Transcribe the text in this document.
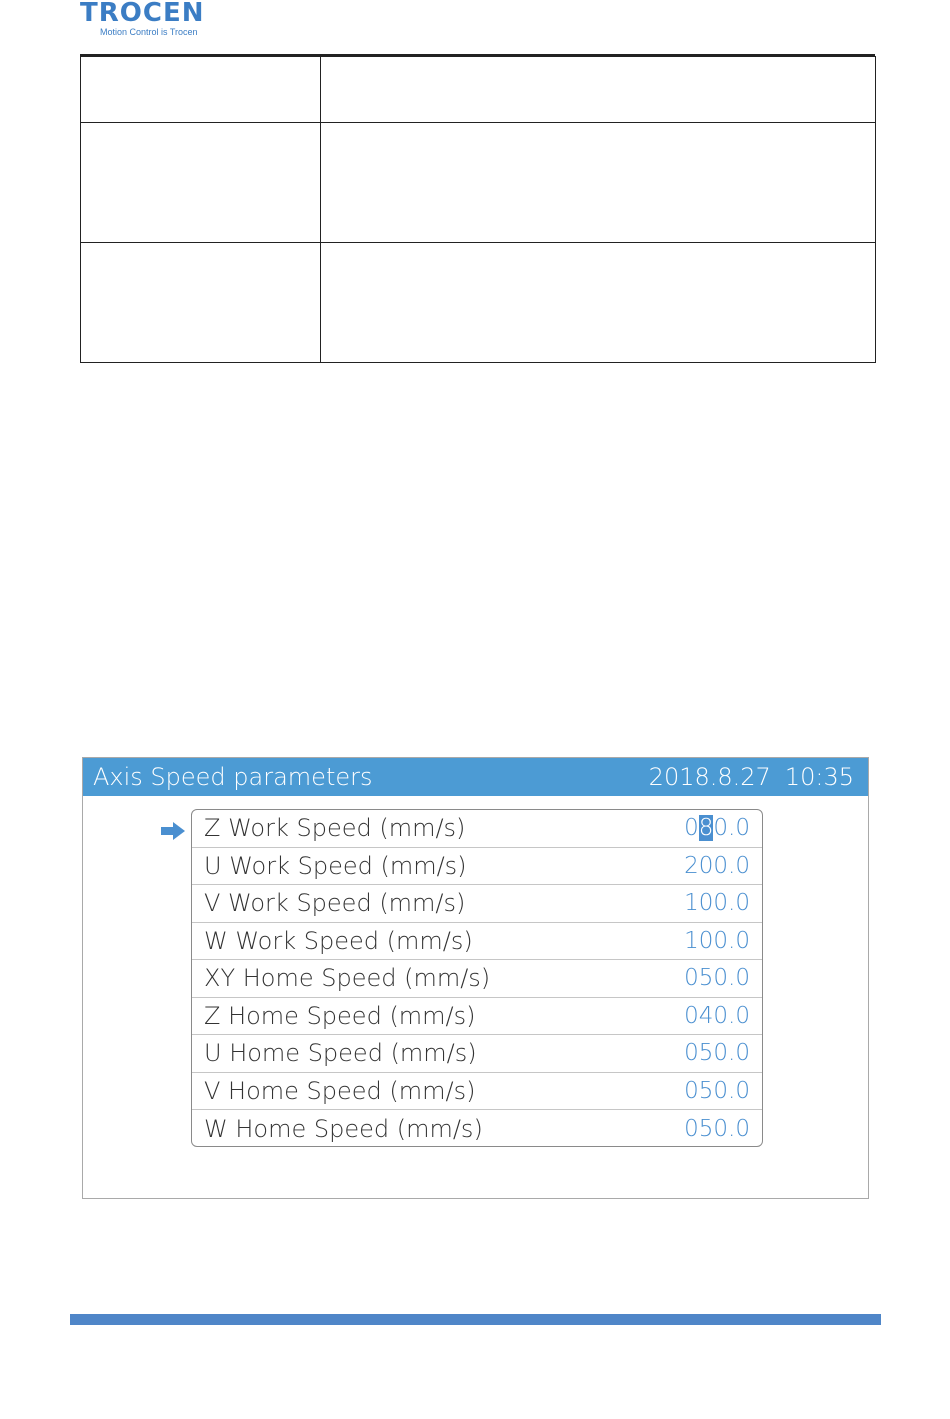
TROCEN
Motion Control is Trocen

Axis Speed parameters	2018.8.27 10:35
Z Work Speed (mm/s)	080.0
U Work Speed (mm/s)	200.0
V Work Speed (mm/s)	100.0
W Work Speed (mm/s)	100.0
XY Home Speed (mm/s)	050.0
Z Home Speed (mm/s)	040.0
U Home Speed (mm/s)	050.0
V Home Speed (mm/s)	050.0
W Home Speed (mm/s)	050.0
